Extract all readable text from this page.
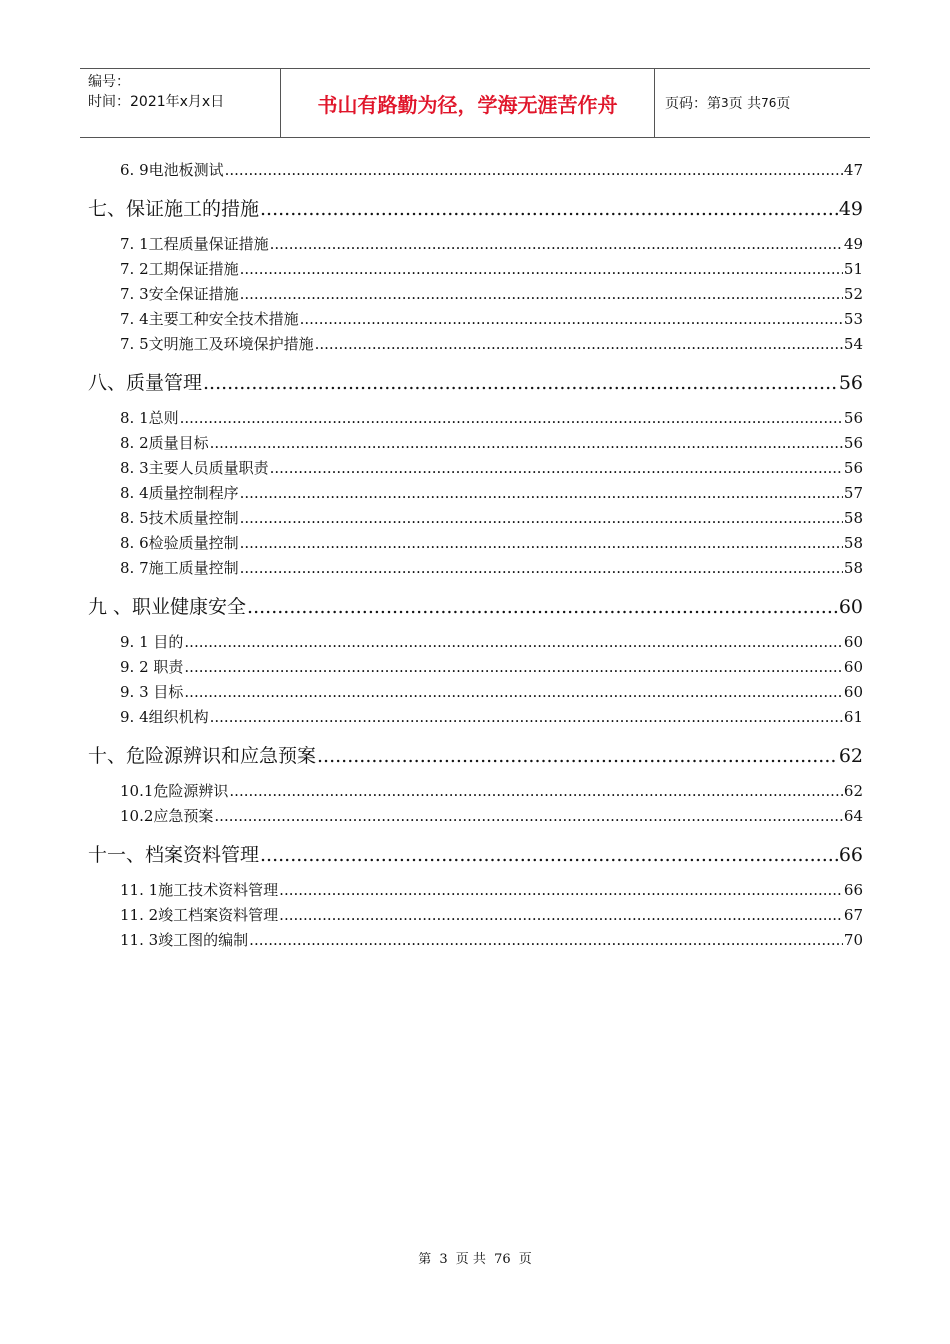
编号：
时间：2021年x月x日	书山有路勤为径，学海无涯苦作舟	页码：第 3 页 共 76 页
6. 9电池板测试 .....	47
七、保证施工的措施 .....	49
7. 1工程质量保证措施 .....	49
7. 2工期保证措施 .....	51
7. 3安全保证措施 .....	52
7. 4主要工种安全技术措施 .....	53
7. 5文明施工及环境保护措施 .....	54
八、质量管理 .....	56
8. 1总则 .....	56
8. 2质量目标 .....	56
8. 3主要人员质量职责 .....	56
8. 4质量控制程序 .....	57
8. 5技术质量控制 .....	58
8. 6检验质量控制 .....	58
8. 7施工质量控制 .....	58
九 、职业健康安全 .....	60
9. 1 目的 .....	60
9. 2 职责 .....	60
9. 3 目标 .....	60
9. 4组织机构 .....	61
十、危险源辨识和应急预案 .....	62
10.1危险源辨识 .....	62
10.2应急预案 .....	64
十一、档案资料管理 .....	66
11. 1施工技术资料管理 .....	66
11. 2竣工档案资料管理 .....	67
11. 3竣工图的编制 .....	70
第 3 页 共 76 页
